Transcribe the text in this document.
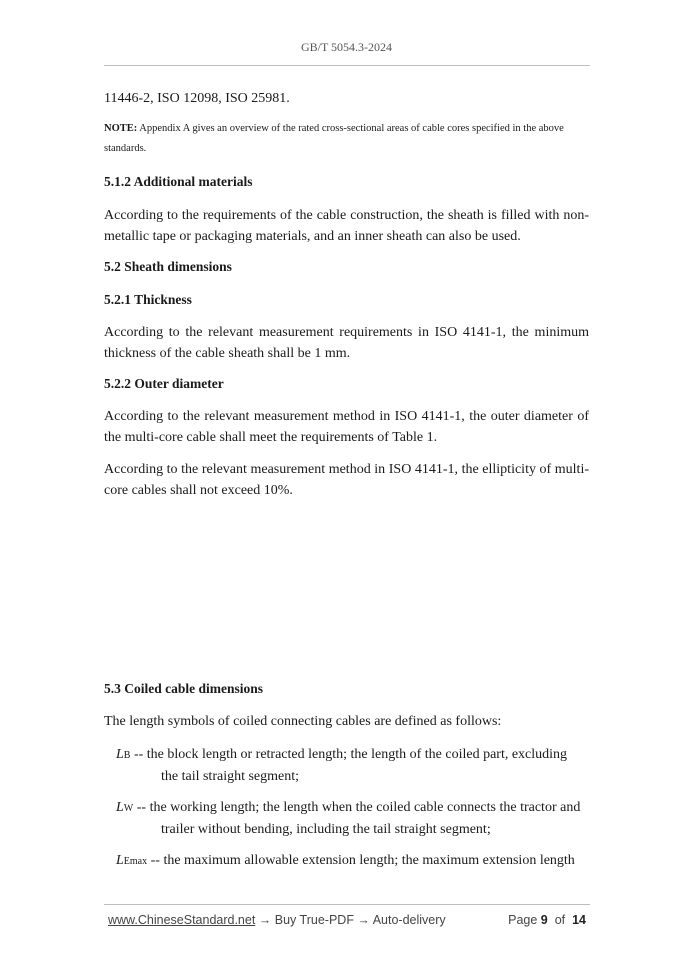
GB/T 5054.3-2024
11446-2, ISO 12098, ISO 25981.
NOTE: Appendix A gives an overview of the rated cross-sectional areas of cable cores specified in the above standards.
5.1.2 Additional materials
According to the requirements of the cable construction, the sheath is filled with non-metallic tape or packaging materials, and an inner sheath can also be used.
5.2 Sheath dimensions
5.2.1 Thickness
According to the relevant measurement requirements in ISO 4141-1, the minimum thickness of the cable sheath shall be 1 mm.
5.2.2 Outer diameter
According to the relevant measurement method in ISO 4141-1, the outer diameter of the multi-core cable shall meet the requirements of Table 1.
According to the relevant measurement method in ISO 4141-1, the ellipticity of multi-core cables shall not exceed 10%.
5.3 Coiled cable dimensions
The length symbols of coiled connecting cables are defined as follows:
LB -- the block length or retracted length; the length of the coiled part, excluding
the tail straight segment;
LW -- the working length; the length when the coiled cable connects the tractor and
trailer without bending, including the tail straight segment;
LEmax -- the maximum allowable extension length; the maximum extension length
www.ChineseStandard.net → Buy True-PDF → Auto-delivery	Page 9 of 14
